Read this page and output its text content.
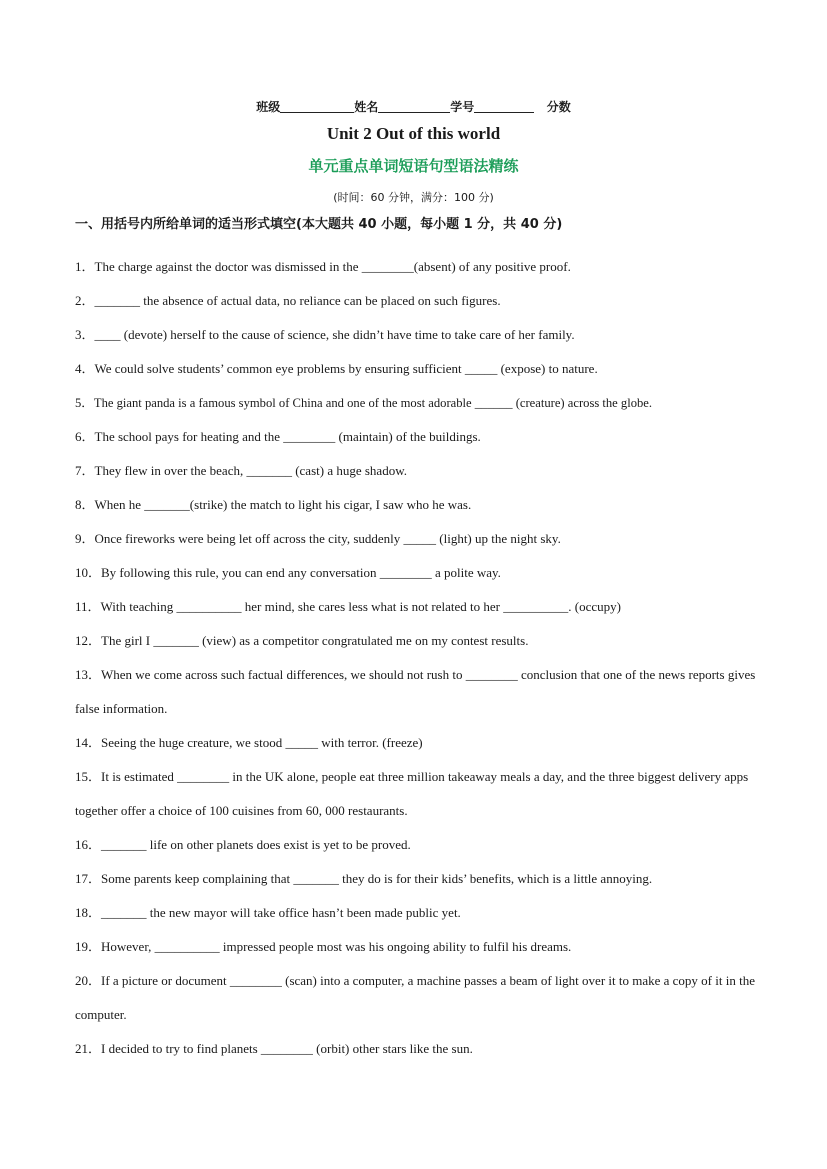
班级	姓名	学号	分数
Unit 2 Out of this world
单元重点单词短语句型语法精练
(时间：60 分钟，满分：100 分)
一、用括号内所给单词的适当形式填空(本大题共 40 小题，每小题 1 分，共 40 分)

1．The charge against the doctor was dismissed in the ________(absent) of any positive proof.

2．_______ the absence of actual data, no reliance can be placed on such figures.

3．____ (devote) herself to the cause of science, she didn’t have time to take care of her family.

4．We could solve students’ common eye problems by ensuring sufficient _____ (expose) to nature.

5．The giant panda is a famous symbol of China and one of the most adorable ______ (creature) across the globe.

6．The school pays for heating and the ________ (maintain) of the buildings.

7．They flew in over the beach, _______ (cast) a huge shadow.

8．When he _______(strike) the match to light his cigar, I saw who he was.

9．Once fireworks were being let off across the city, suddenly _____ (light) up the night sky.

10．By following this rule, you can end any conversation ________ a polite way.

11．With teaching __________ her mind, she cares less what is not related to her __________. (occupy)

12．The girl I _______ (view) as a competitor congratulated me on my contest results.

13．When we come across such factual differences, we should not rush to ________ conclusion that one of the news reports gives false information.

14．Seeing the huge creature, we stood _____ with terror. (freeze)

15．It is estimated ________ in the UK alone, people eat three million takeaway meals a day, and the three biggest delivery apps together offer a choice of 100 cuisines from 60, 000 restaurants.

16．_______ life on other planets does exist is yet to be proved.

17．Some parents keep complaining that _______ they do is for their kids’ benefits, which is a little annoying.

18．_______ the new mayor will take office hasn’t been made public yet.

19．However, __________ impressed people most was his ongoing ability to fulfil his dreams.

20．If a picture or document ________ (scan) into a computer, a machine passes a beam of light over it to make a copy of it in the computer.

21．I decided to try to find planets ________ (orbit) other stars like the sun.
